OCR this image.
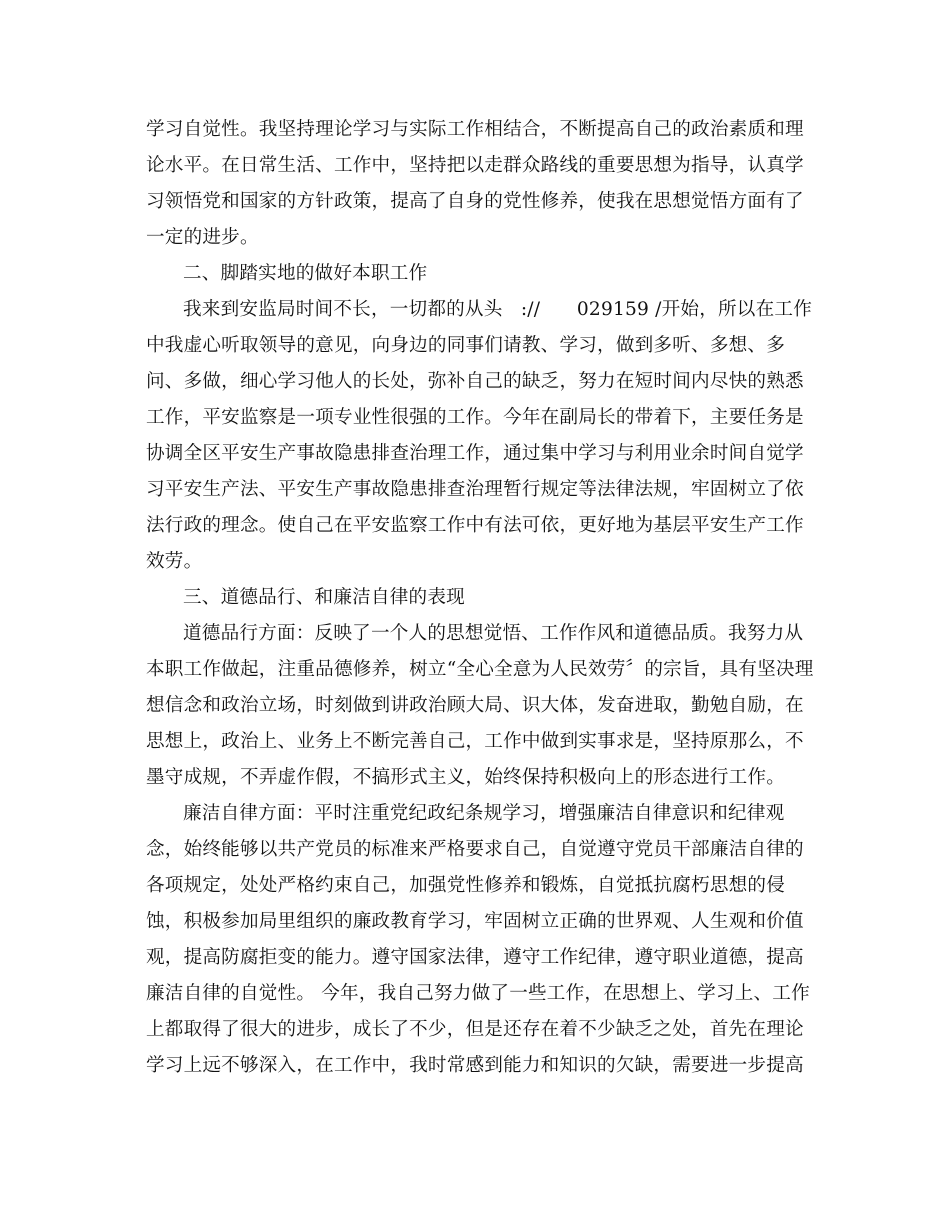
学习自觉性。我坚持理论学习与实际工作相结合，不断提高自己的政治素质和理
论水平。在日常生活、工作中，坚持把以走群众路线的重要思想为指导，认真学
习领悟党和国家的方针政策，提高了自身的党性修养，使我在思想觉悟方面有了
一定的进步。
二、脚踏实地的做好本职工作
我来到安监局时间不长，一切都的从头   ://      029159 /开始，所以在工作
中我虚心听取领导的意见，向身边的同事们请教、学习，做到多听、多想、多
问、多做，细心学习他人的长处，弥补自己的缺乏，努力在短时间内尽快的熟悉
工作，平安监察是一项专业性很强的工作。今年在副局长的带着下，主要任务是
协调全区平安生产事故隐患排查治理工作，通过集中学习与利用业余时间自觉学
习平安生产法、平安生产事故隐患排查治理暂行规定等法律法规，牢固树立了依
法行政的理念。使自己在平安监察工作中有法可依，更好地为基层平安生产工作
效劳。
三、道德品行、和廉洁自律的表现
道德品行方面：反映了一个人的思想觉悟、工作作风和道德品质。我努力从
本职工作做起，注重品德修养，树立“全心全意为人民效劳〞的宗旨，具有坚决理
想信念和政治立场，时刻做到讲政治顾大局、识大体，发奋进取，勤勉自励，在
思想上，政治上、业务上不断完善自己，工作中做到实事求是，坚持原那么，不
墨守成规，不弄虚作假，不搞形式主义，始终保持积极向上的形态进行工作。
廉洁自律方面：平时注重党纪政纪条规学习，增强廉洁自律意识和纪律观
念，始终能够以共产党员的标准来严格要求自己，自觉遵守党员干部廉洁自律的
各项规定，处处严格约束自己，加强党性修养和锻炼，自觉抵抗腐朽思想的侵
蚀，积极参加局里组织的廉政教育学习，牢固树立正确的世界观、人生观和价值
观，提高防腐拒变的能力。遵守国家法律，遵守工作纪律，遵守职业道德，提高
廉洁自律的自觉性。 今年，我自己努力做了一些工作，在思想上、学习上、工作
上都取得了很大的进步，成长了不少，但是还存在着不少缺乏之处，首先在理论
学习上远不够深入，在工作中，我时常感到能力和知识的欠缺，需要进一步提高
